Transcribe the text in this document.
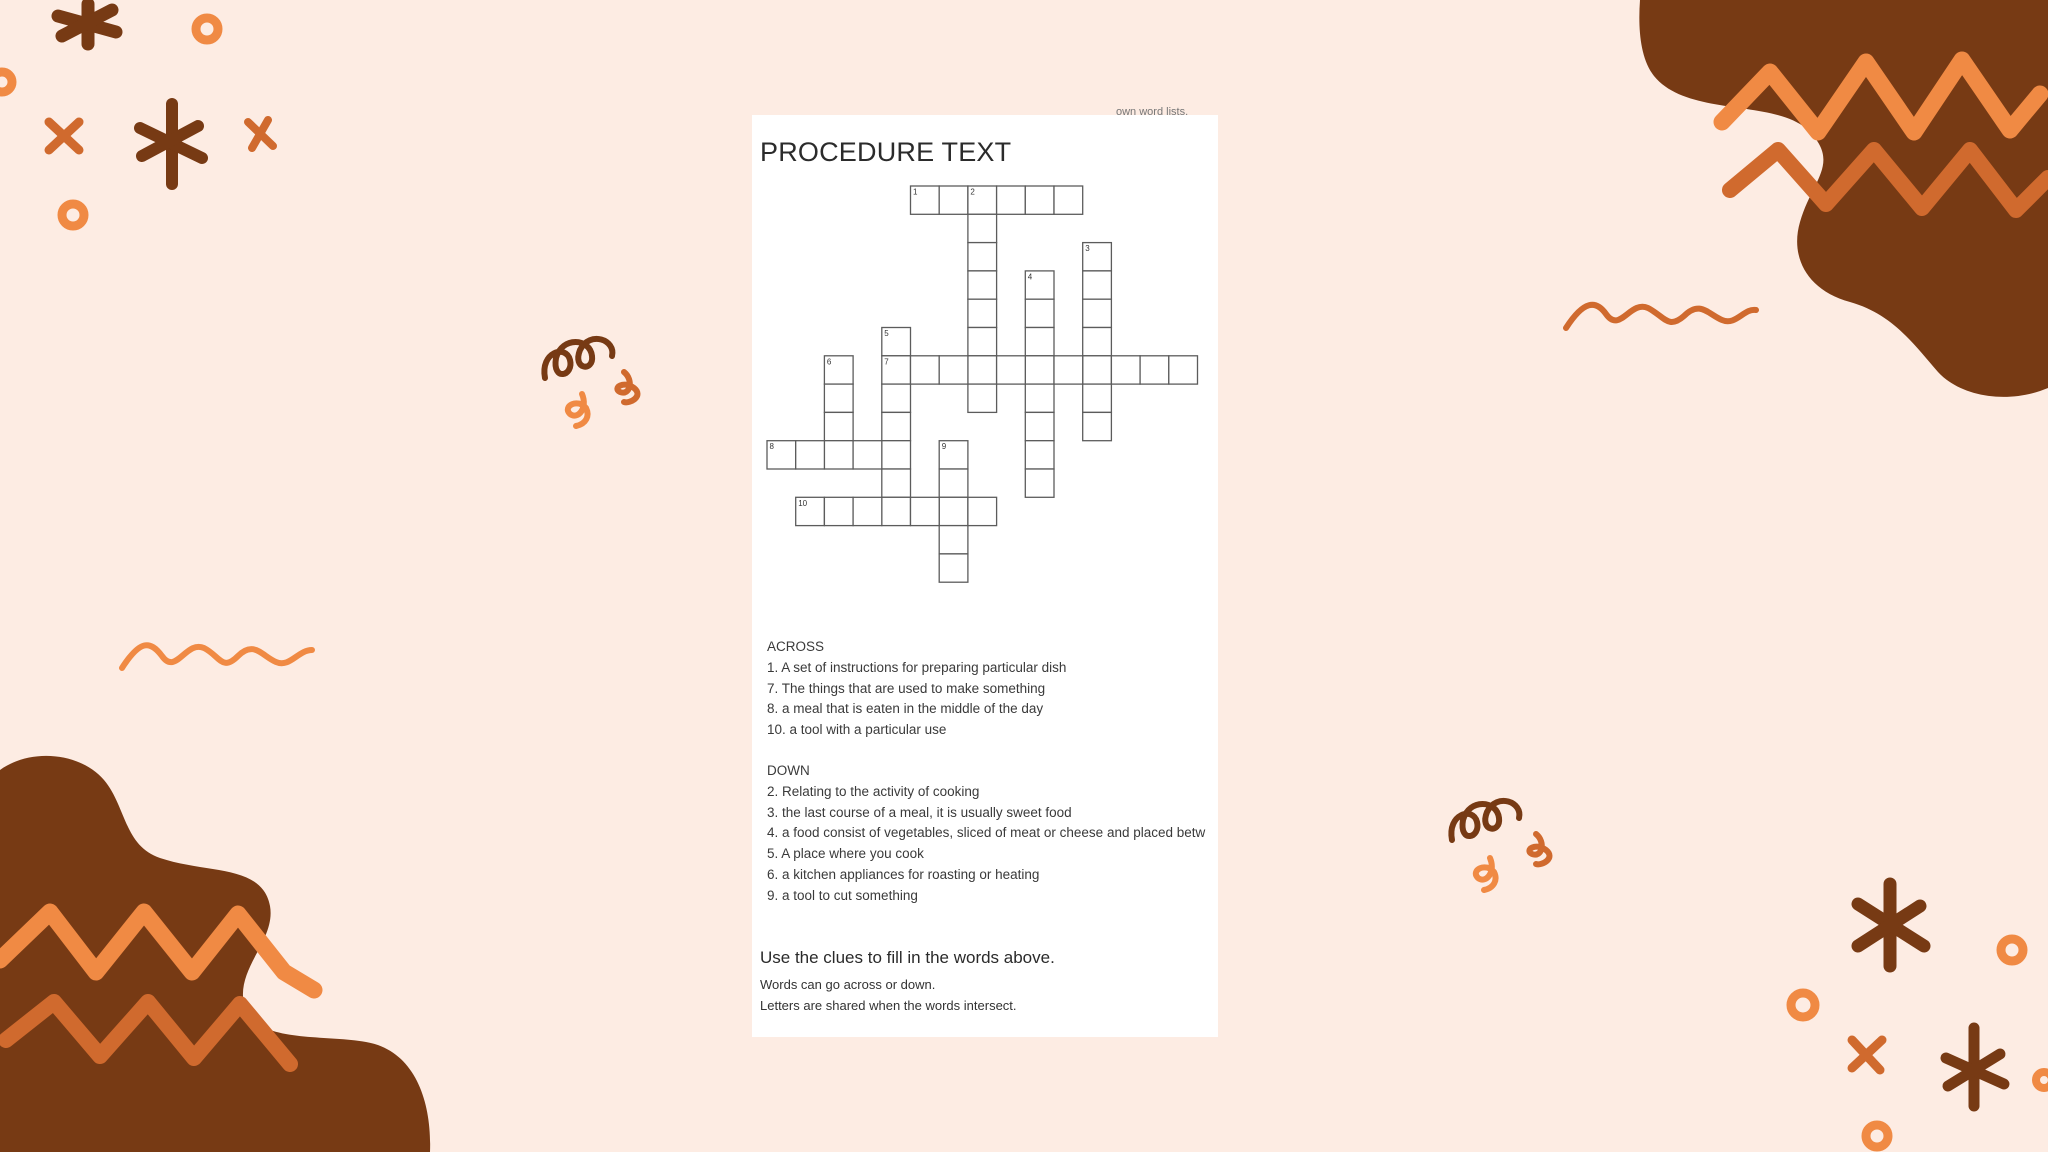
own word lists.
PROCEDURE TEXT
1	2
3
4
5
6	7
8	9
10

ACROSS

1. A set of instructions for preparing particular dish
7. The things that are used to make something
8. a meal that is eaten in the middle of the day
10. a tool with a particular use

DOWN

2. Relating to the activity of cooking
3. the last course of a meal, it is usually sweet food
4. a food consist of vegetables, sliced of meat or cheese and placed betw
5. A place where you cook
6. a kitchen appliances for roasting or heating
9. a tool to cut something
Use the clues to fill in the words above.

Words can go across or down.

Letters are shared when the words intersect.
